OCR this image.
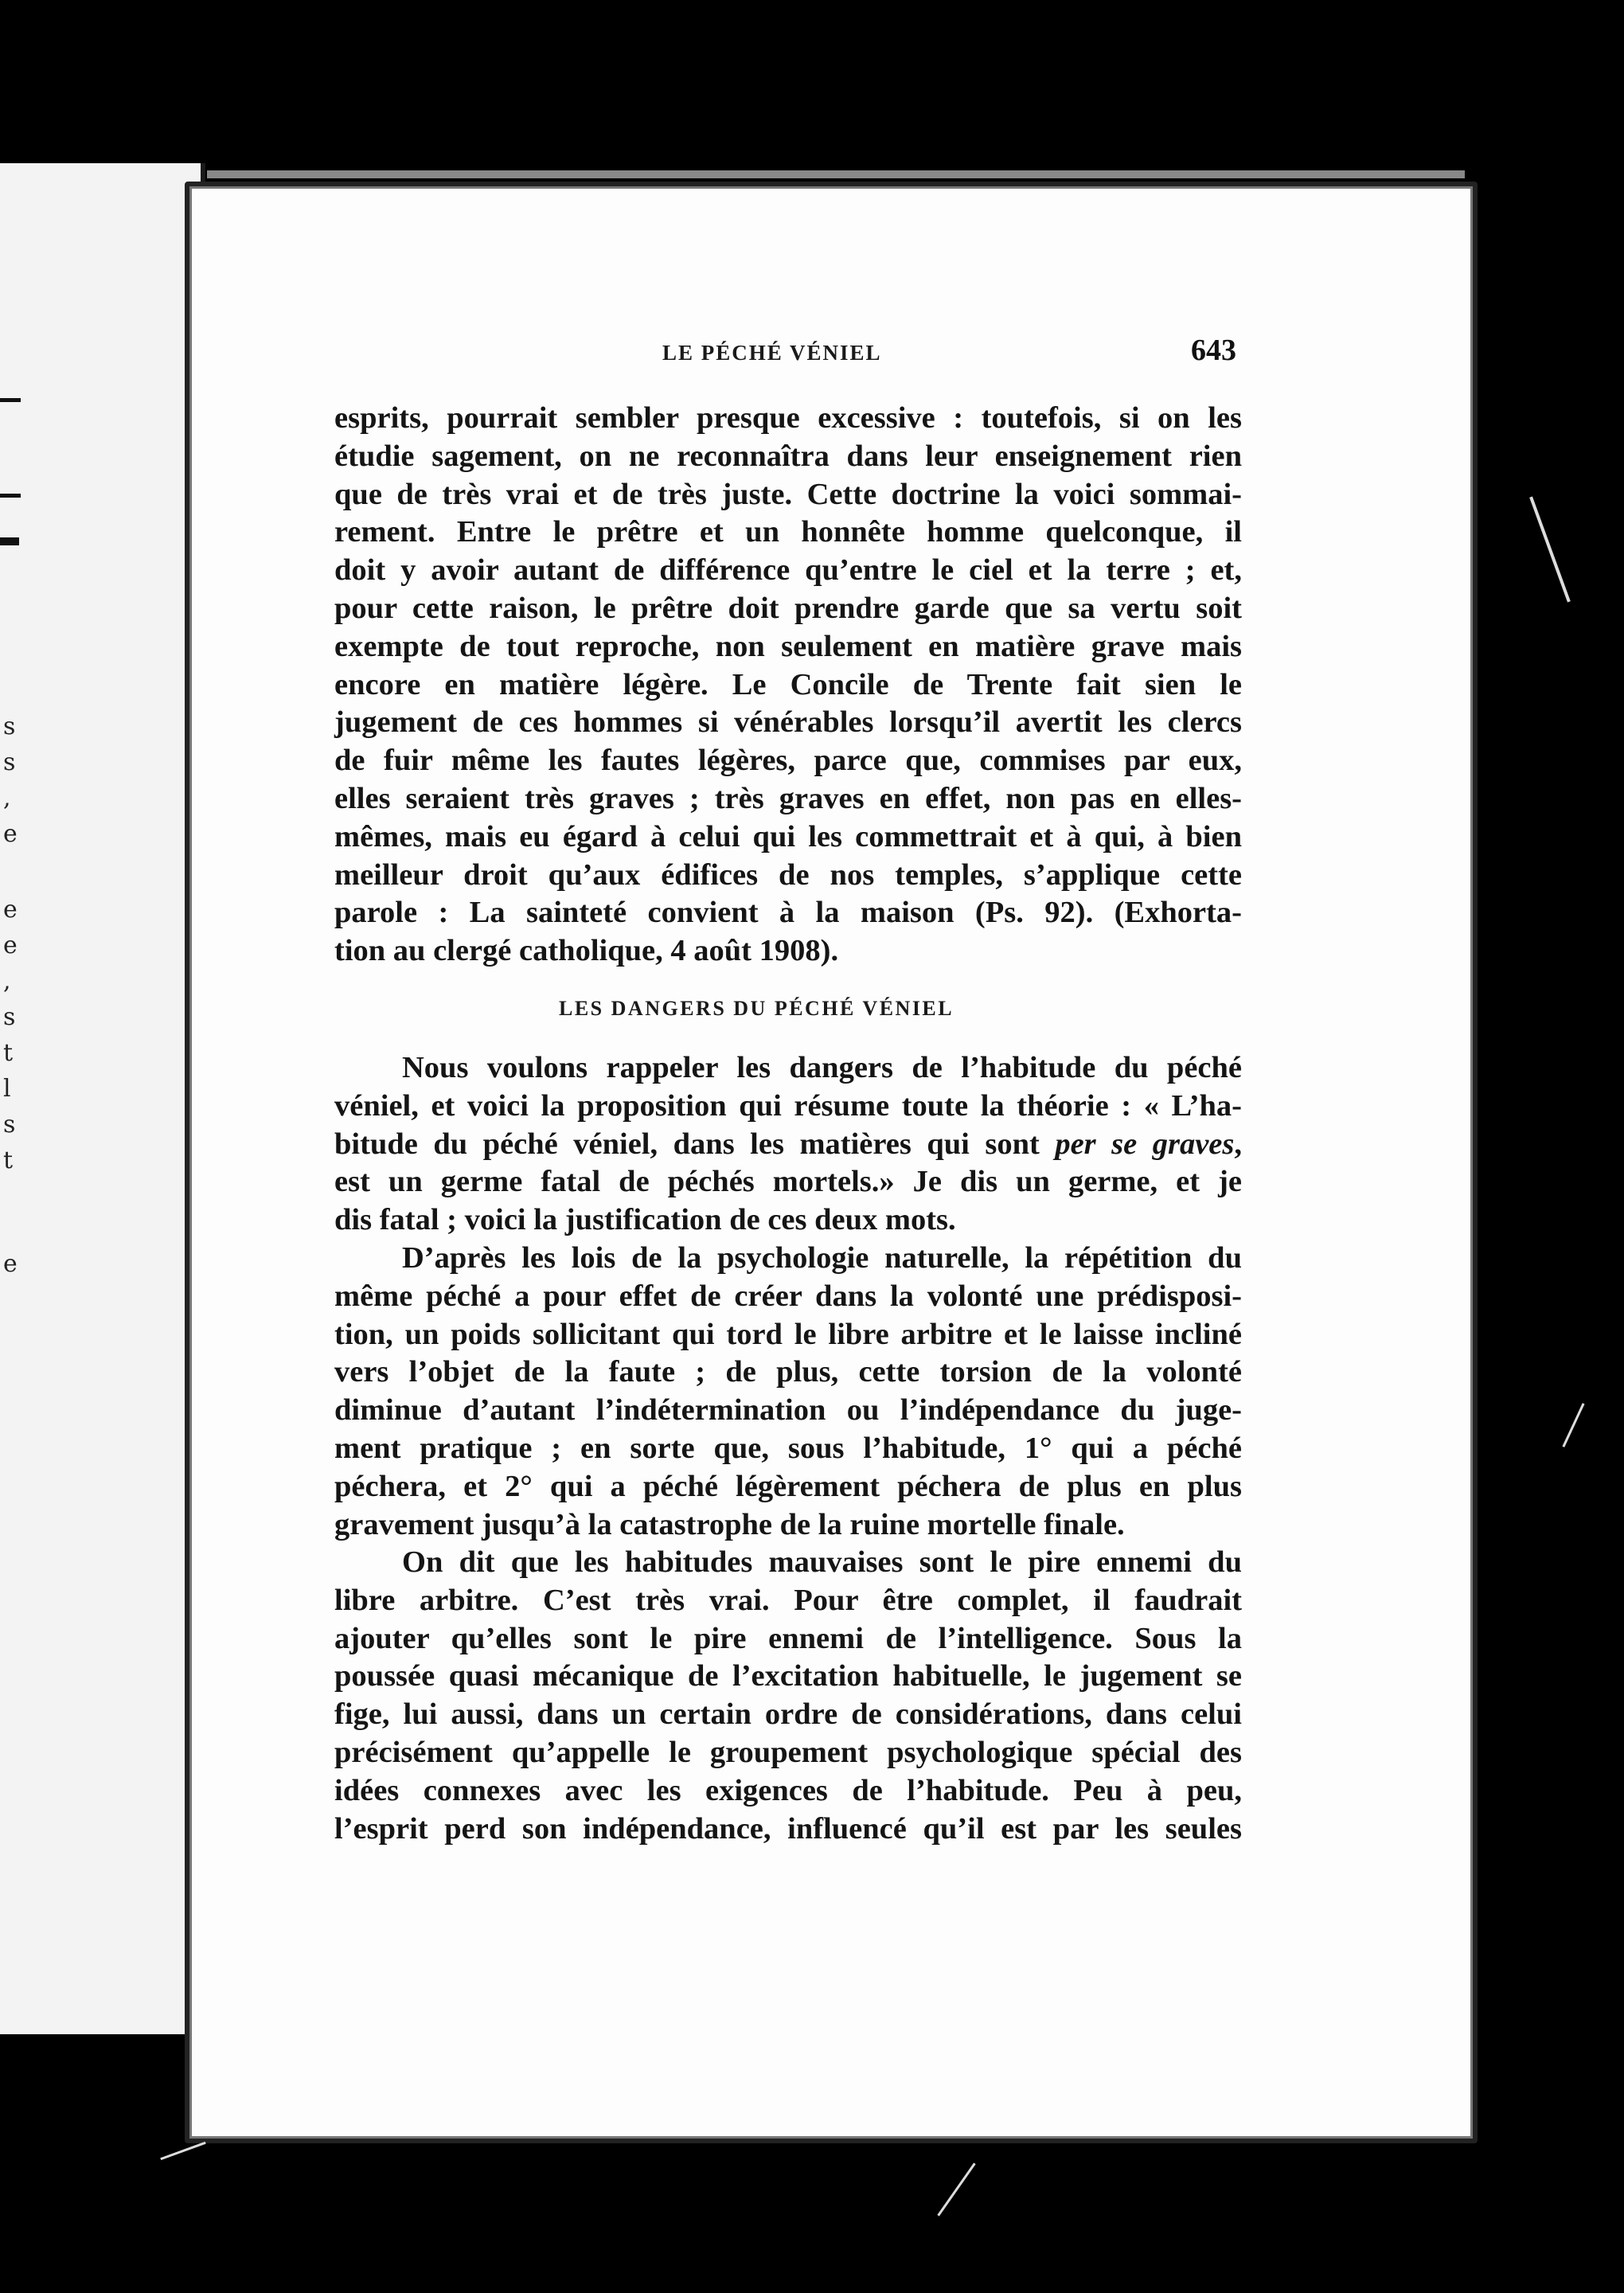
s
s
,
e
e
e
,
s
t
l
s
t
e
LE PÉCHÉ VÉNIEL	643
esprits, pourrait sembler presque excessive : toutefois, si on les
étudie sagement, on ne reconnaîtra dans leur enseignement rien
que de très vrai et de très juste. Cette doctrine la voici sommai-
rement. Entre le prêtre et un honnête homme quelconque, il
doit y avoir autant de différence qu’entre le ciel et la terre ; et,
pour cette raison, le prêtre doit prendre garde que sa vertu soit
exempte de tout reproche, non seulement en matière grave mais
encore en matière légère. Le Concile de Trente fait sien le
jugement de ces hommes si vénérables lorsqu’il avertit les clercs
de fuir même les fautes légères, parce que, commises par eux,
elles seraient très graves ; très graves en effet, non pas en elles-
mêmes, mais eu égard à celui qui les commettrait et à qui, à bien
meilleur droit qu’aux édifices de nos temples, s’applique cette
parole : La sainteté convient à la maison (Ps. 92). (Exhorta-
tion au clergé catholique, 4 août 1908).
LES DANGERS DU PÉCHÉ VÉNIEL
Nous voulons rappeler les dangers de l’habitude du péché
véniel, et voici la proposition qui résume toute la théorie : « L’ha-
bitude du péché véniel, dans les matières qui sont per se graves,
est un germe fatal de péchés mortels.» Je dis un germe, et je
dis fatal ; voici la justification de ces deux mots.
D’après les lois de la psychologie naturelle, la répétition du
même péché a pour effet de créer dans la volonté une prédisposi-
tion, un poids sollicitant qui tord le libre arbitre et le laisse incliné
vers l’objet de la faute ; de plus, cette torsion de la volonté
diminue d’autant l’indétermination ou l’indépendance du juge-
ment pratique ; en sorte que, sous l’habitude, 1° qui a péché
péchera, et 2° qui a péché légèrement péchera de plus en plus
gravement jusqu’à la catastrophe de la ruine mortelle finale.
On dit que les habitudes mauvaises sont le pire ennemi du
libre arbitre. C’est très vrai. Pour être complet, il faudrait
ajouter qu’elles sont le pire ennemi de l’intelligence. Sous la
poussée quasi mécanique de l’excitation habituelle, le jugement se
fige, lui aussi, dans un certain ordre de considérations, dans celui
précisément qu’appelle le groupement psychologique spécial des
idées connexes avec les exigences de l’habitude. Peu à peu,
l’esprit perd son indépendance, influencé qu’il est par les seules
